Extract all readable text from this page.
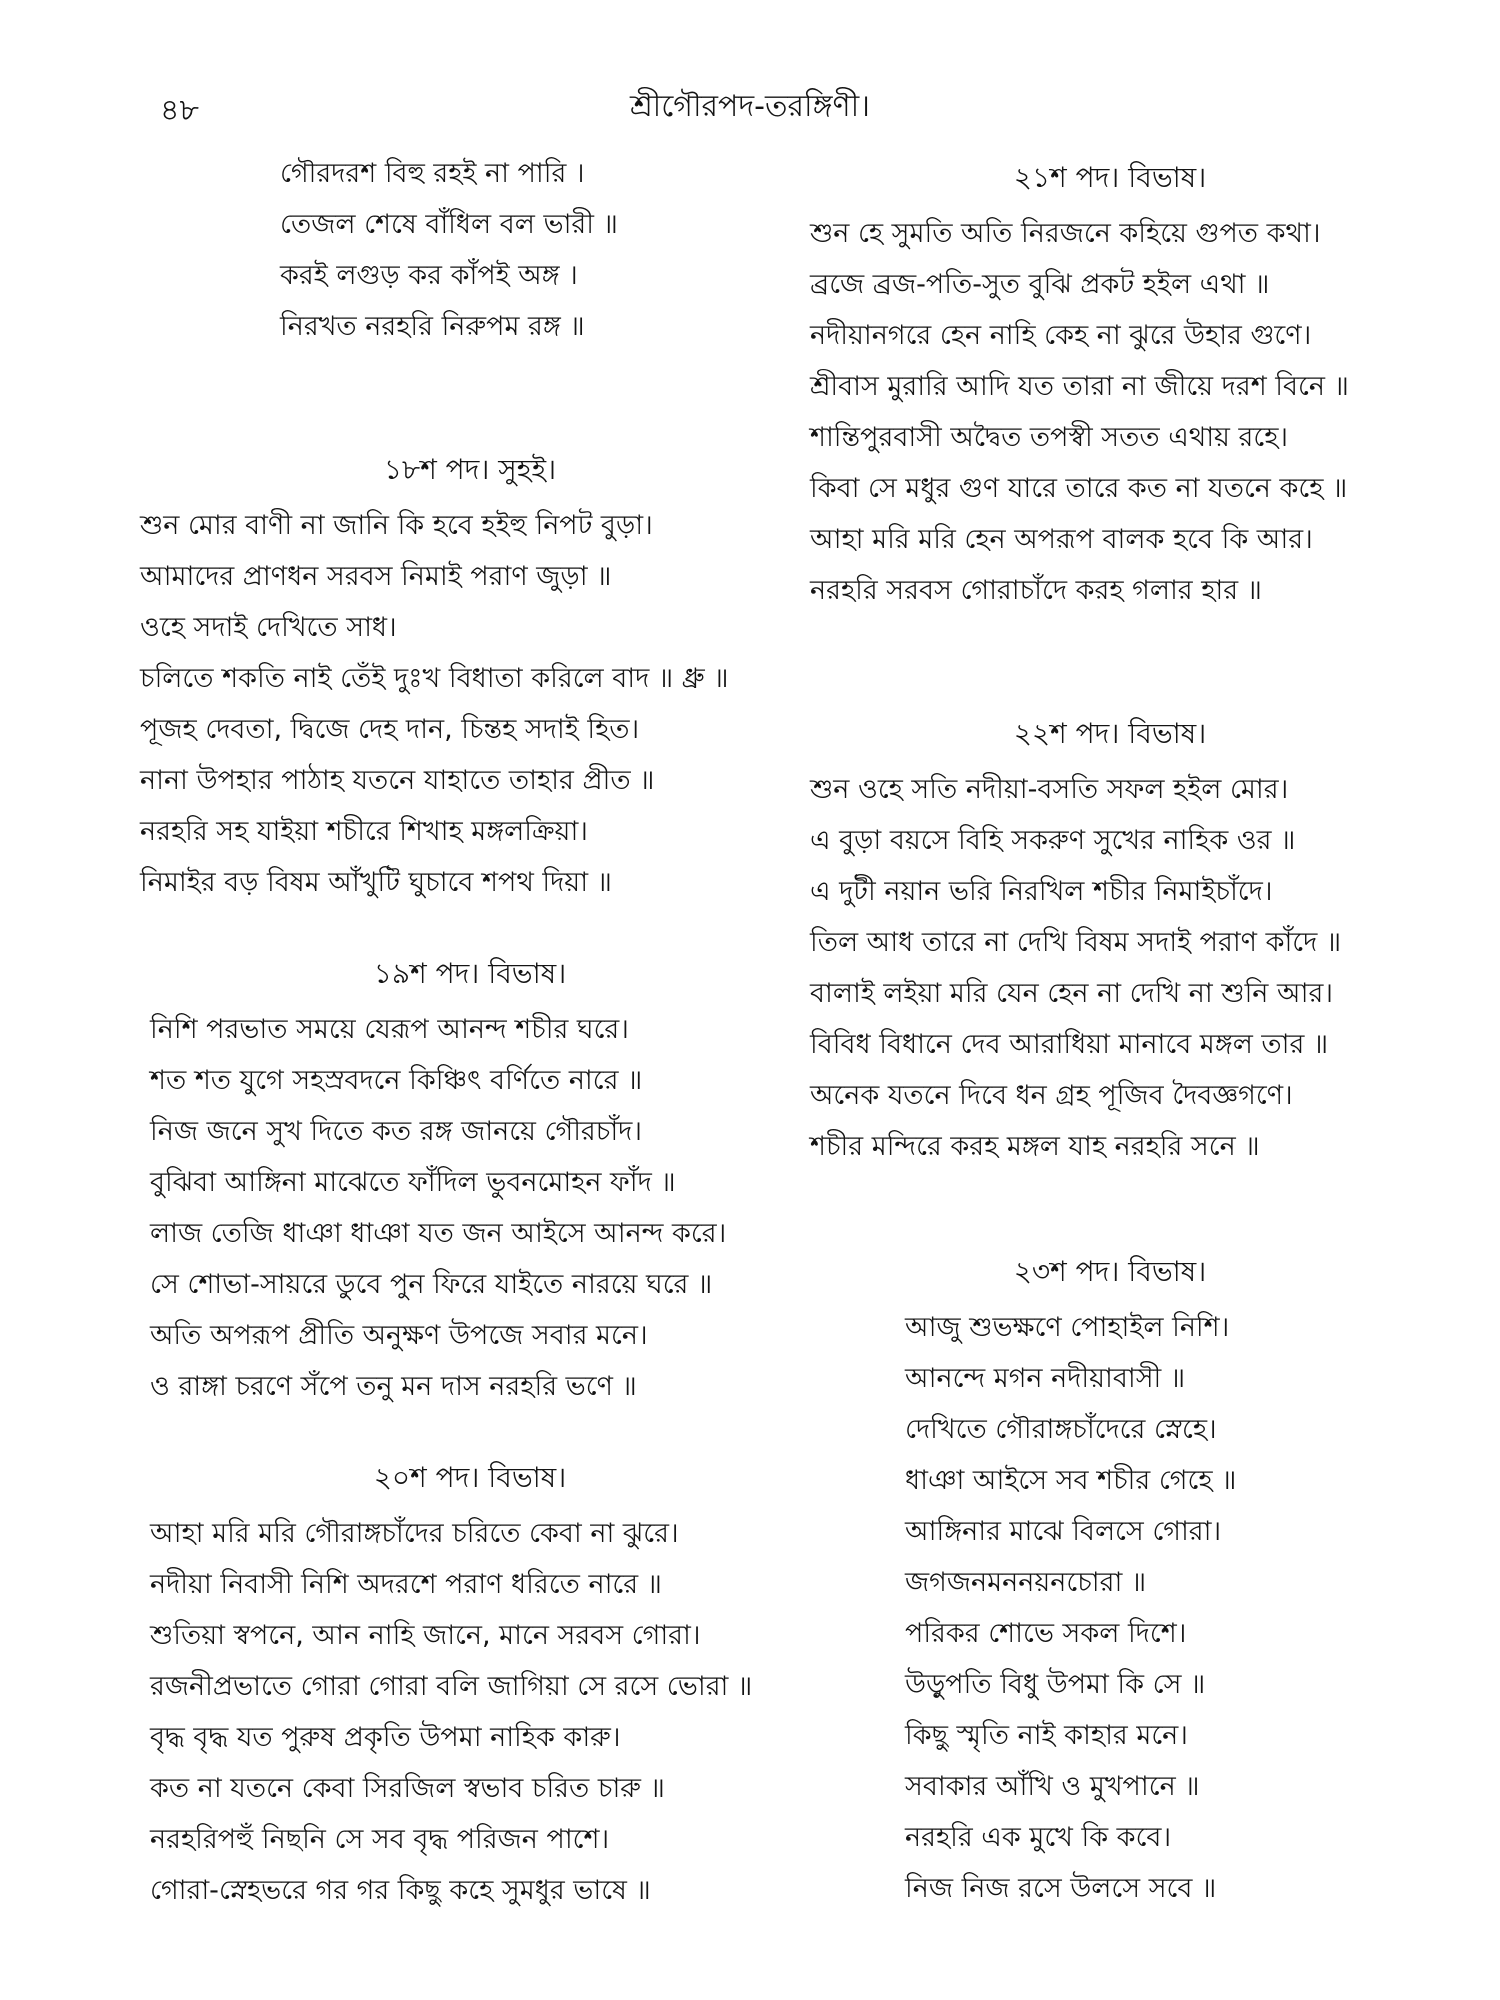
৪৮	শ্রীগৌরপদ-তরঙ্গিণী।
গৌরদরশ বিহু রহই না পারি ।
তেজল শেষে বাঁধিল বল ভারী ॥
করই লগুড় কর কাঁপই অঙ্গ ।
নিরখত নরহরি নিরুপম রঙ্গ ॥
১৮শ পদ। সুহই।
শুন মোর বাণী না জানি কি হবে হইহু নিপট বুড়া।
আমাদের প্রাণধন সরবস নিমাই পরাণ জুড়া ॥
ওহে সদাই দেখিতে সাধ।
চলিতে শকতি নাই তেঁই দুঃখ বিধাতা করিলে বাদ ॥ ধ্রু ॥
পূজহ দেবতা, দ্বিজে দেহ দান, চিন্তহ সদাই হিত।
নানা উপহার পাঠাহ যতনে যাহাতে তাহার প্রীত ॥
নরহরি সহ যাইয়া শচীরে শিখাহ মঙ্গলক্রিয়া।
নিমাইর বড় বিষম আঁখুটি ঘুচাবে শপথ দিয়া ॥
১৯শ পদ। বিভাষ।
নিশি পরভাত সময়ে যেরূপ আনন্দ শচীর ঘরে।
শত শত যুগে সহস্রবদনে কিঞ্চিৎ বর্ণিতে নারে ॥
নিজ জনে সুখ দিতে কত রঙ্গ জানয়ে গৌরচাঁদ।
বুঝিবা আঙ্গিনা মাঝেতে ফাঁদিল ভুবনমোহন ফাঁদ ॥
লাজ তেজি ধাঞা ধাঞা যত জন আইসে আনন্দ করে।
সে শোভা-সায়রে ডুবে পুন ফিরে যাইতে নারয়ে ঘরে ॥
অতি অপরূপ প্রীতি অনুক্ষণ উপজে সবার মনে।
ও রাঙ্গা চরণে সঁপে তনু মন দাস নরহরি ভণে ॥
২০শ পদ। বিভাষ।
আহা মরি মরি গৌরাঙ্গচাঁদের চরিতে কেবা না ঝুরে।
নদীয়া নিবাসী নিশি অদরশে পরাণ ধরিতে নারে ॥
শুতিয়া স্বপনে, আন নাহি জানে, মানে সরবস গোরা।
রজনীপ্রভাতে গোরা গোরা বলি জাগিয়া সে রসে ভোরা ॥
বৃদ্ধ বৃদ্ধ যত পুরুষ প্রকৃতি উপমা নাহিক কারু।
কত না যতনে কেবা সিরজিল স্বভাব চরিত চারু ॥
নরহরিপহুঁ নিছনি সে সব বৃদ্ধ পরিজন পাশে।
গোরা-স্নেহভরে গর গর কিছু কহে সুমধুর ভাষে ॥
২১শ পদ। বিভাষ।
শুন হে সুমতি অতি নিরজনে কহিয়ে গুপত কথা।
ব্রজে ব্রজ-পতি-সুত বুঝি প্রকট হইল এথা ॥
নদীয়ানগরে হেন নাহি কেহ না ঝুরে উহার গুণে।
শ্রীবাস মুরারি আদি যত তারা না জীয়ে দরশ বিনে ॥
শান্তিপুরবাসী অদ্বৈত তপস্বী সতত এথায় রহে।
কিবা সে মধুর গুণ যারে তারে কত না যতনে কহে ॥
আহা মরি মরি হেন অপরূপ বালক হবে কি আর।
নরহরি সরবস গোরাচাঁদে করহ গলার হার ॥
২২শ পদ। বিভাষ।
শুন ওহে সতি নদীয়া-বসতি সফল হইল মোর।
এ বুড়া বয়সে বিহি সকরুণ সুখের নাহিক ওর ॥
এ দুটী নয়ান ভরি নিরখিল শচীর নিমাইচাঁদে।
তিল আধ তারে না দেখি বিষম সদাই পরাণ কাঁদে ॥
বালাই লইয়া মরি যেন হেন না দেখি না শুনি আর।
বিবিধ বিধানে দেব আরাধিয়া মানাবে মঙ্গল তার ॥
অনেক যতনে দিবে ধন গ্রহ পূজিব দৈবজ্ঞগণে।
শচীর মন্দিরে করহ মঙ্গল যাহ নরহরি সনে ॥
২৩শ পদ। বিভাষ।
আজু শুভক্ষণে পোহাইল নিশি।
আনন্দে মগন নদীয়াবাসী ॥
দেখিতে গৌরাঙ্গচাঁদেরে স্নেহে।
ধাঞা আইসে সব শচীর গেহে ॥
আঙ্গিনার মাঝে বিলসে গোরা।
জগজনমননয়নচোরা ॥
পরিকর শোভে সকল দিশে।
উড়ুপতি বিধু উপমা কি সে ॥
কিছু স্মৃতি নাই কাহার মনে।
সবাকার আঁখি ও মুখপানে ॥
নরহরি এক মুখে কি কবে।
নিজ নিজ রসে উলসে সবে ॥
